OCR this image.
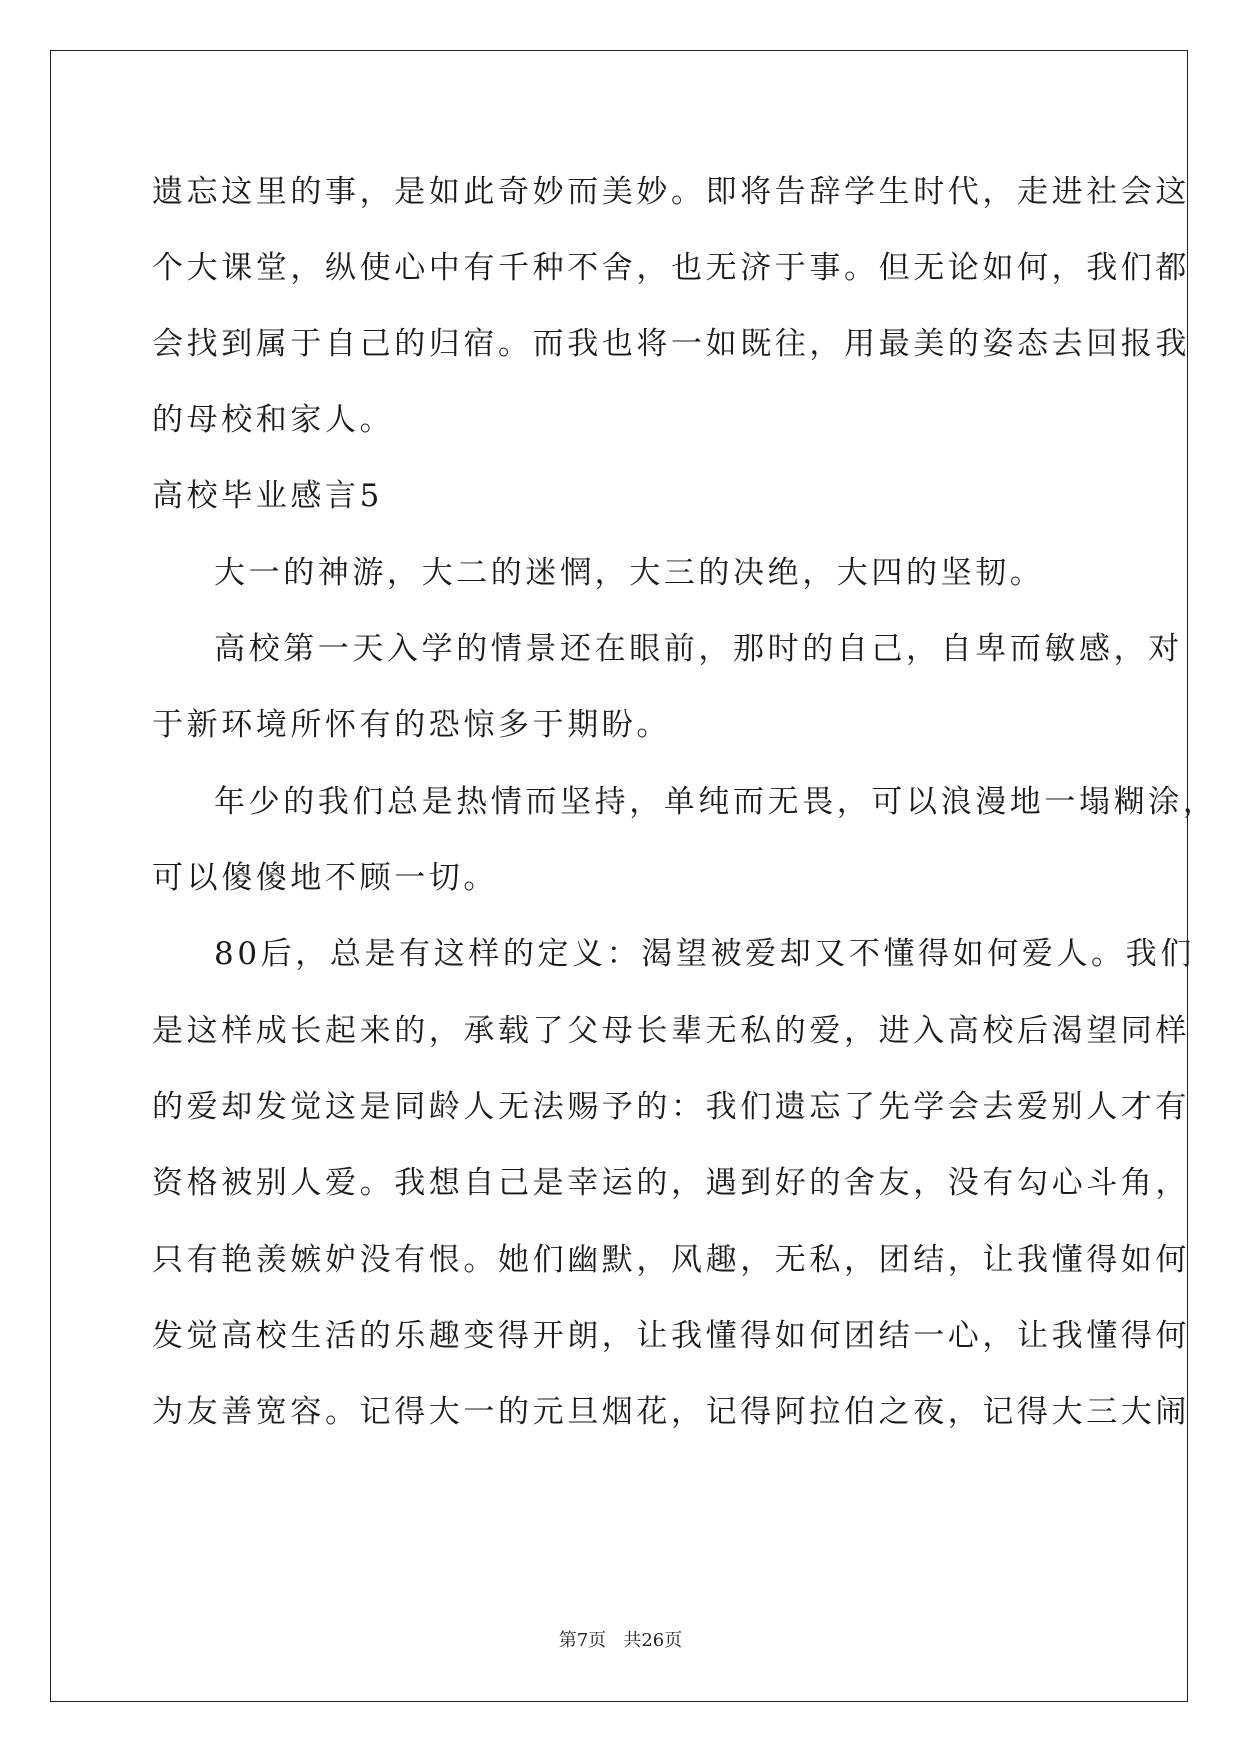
遗忘这里的事，是如此奇妙而美妙。即将告辞学生时代，走进社会这
个大课堂，纵使心中有千种不舍，也无济于事。但无论如何，我们都
会找到属于自己的归宿。而我也将一如既往，用最美的姿态去回报我
的母校和家人。
高校毕业感言5
大一的神游，大二的迷惘，大三的决绝，大四的坚韧。
高校第一天入学的情景还在眼前，那时的自己，自卑而敏感，对
于新环境所怀有的恐惊多于期盼。
年少的我们总是热情而坚持，单纯而无畏，可以浪漫地一塌糊涂，
可以傻傻地不顾一切。
80后，总是有这样的定义：渴望被爱却又不懂得如何爱人。我们
是这样成长起来的，承载了父母长辈无私的爱，进入高校后渴望同样
的爱却发觉这是同龄人无法赐予的：我们遗忘了先学会去爱别人才有
资格被别人爱。我想自己是幸运的，遇到好的舍友，没有勾心斗角，
只有艳羡嫉妒没有恨。她们幽默，风趣，无私，团结，让我懂得如何
发觉高校生活的乐趣变得开朗，让我懂得如何团结一心，让我懂得何
为友善宽容。记得大一的元旦烟花，记得阿拉伯之夜，记得大三大闹
第7页   共26页
